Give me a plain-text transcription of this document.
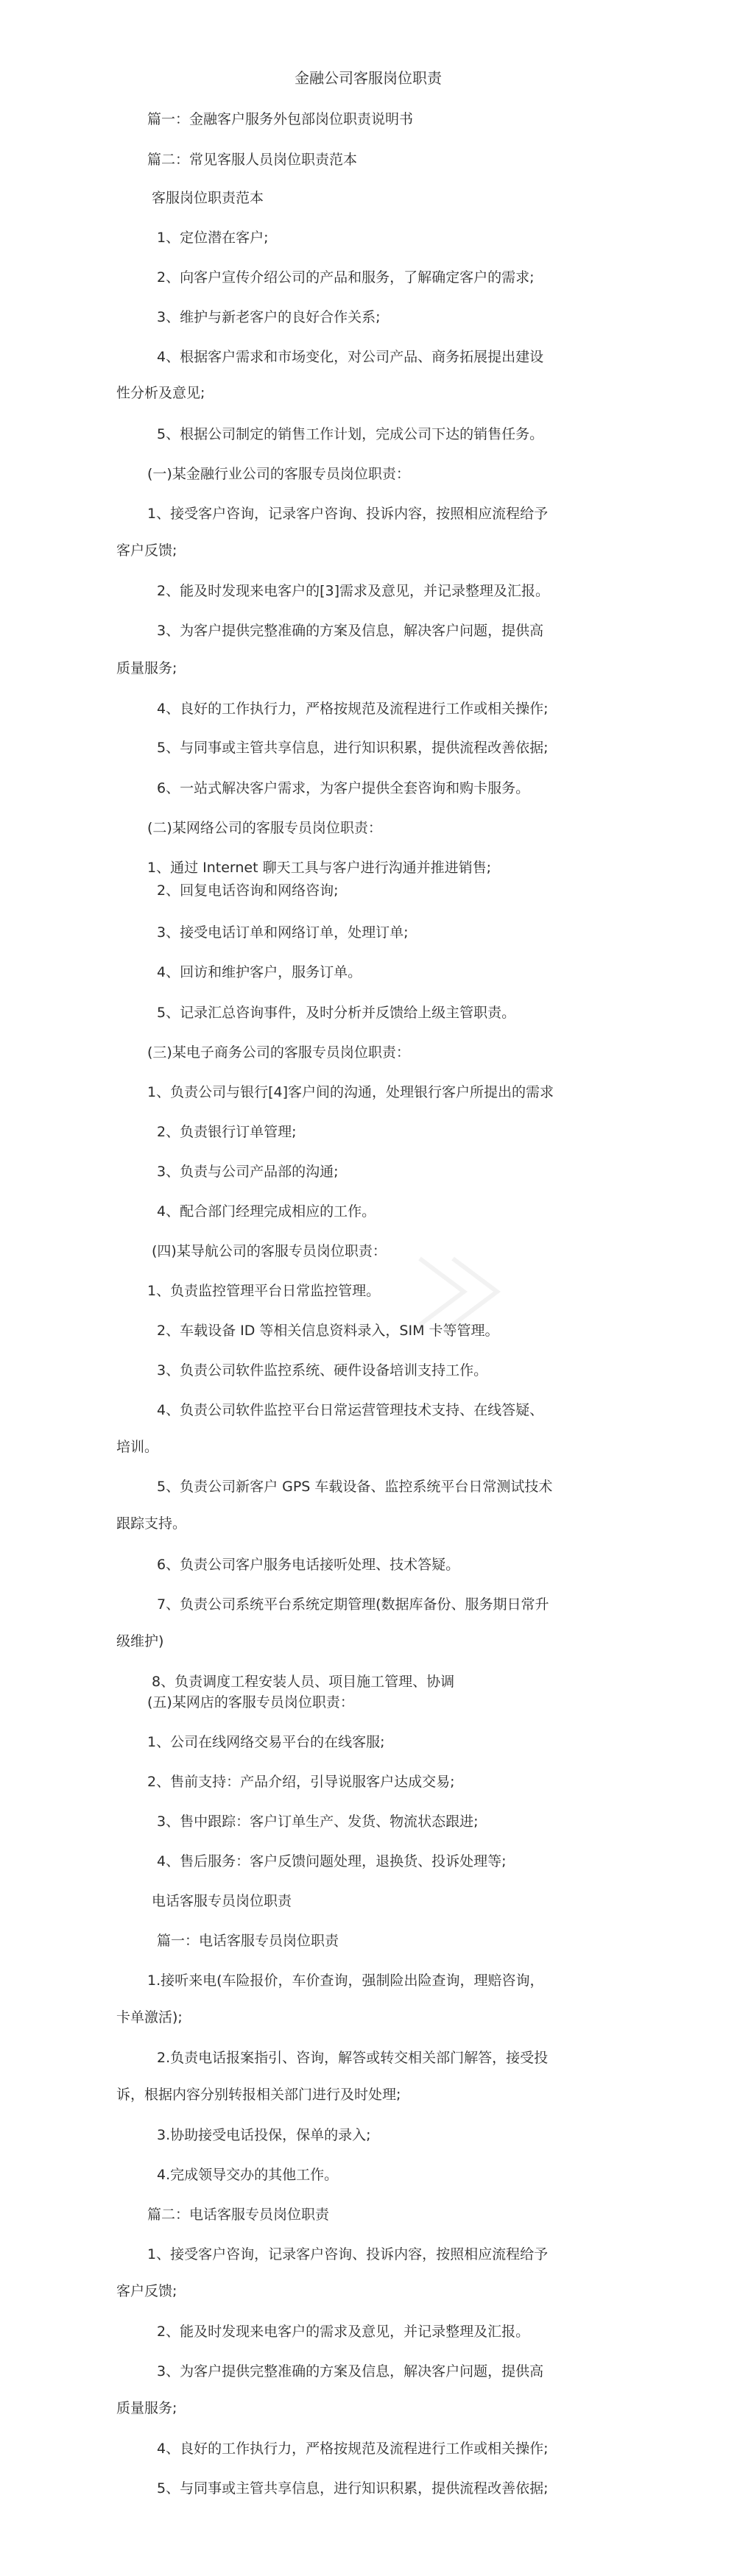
金融公司客服岗位职责

篇一：金融客户服务外包部岗位职责说明书

篇二：常见客服人员岗位职责范本

客服岗位职责范本

1、定位潜在客户;

2、向客户宣传介绍公司的产品和服务，了解确定客户的需求;

3、维护与新老客户的良好合作关系;

4、根据客户需求和市场变化，对公司产品、商务拓展提出建设

性分析及意见;

5、根据公司制定的销售工作计划，完成公司下达的销售任务。

(一)某金融行业公司的客服专员岗位职责：

1、接受客户咨询，记录客户咨询、投诉内容，按照相应流程给予

客户反馈;

2、能及时发现来电客户的[3]需求及意见，并记录整理及汇报。

3、为客户提供完整准确的方案及信息，解决客户问题，提供高

质量服务;

4、良好的工作执行力，严格按规范及流程进行工作或相关操作;

5、与同事或主管共享信息，进行知识积累，提供流程改善依据;

6、一站式解决客户需求，为客户提供全套咨询和购卡服务。

(二)某网络公司的客服专员岗位职责：

1、通过 Internet 聊天工具与客户进行沟通并推进销售;

2、回复电话咨询和网络咨询;

3、接受电话订单和网络订单，处理订单;

4、回访和维护客户，服务订单。

5、记录汇总咨询事件，及时分析并反馈给上级主管职责。

(三)某电子商务公司的客服专员岗位职责：

1、负责公司与银行[4]客户间的沟通，处理银行客户所提出的需求

2、负责银行订单管理;

3、负责与公司产品部的沟通;

4、配合部门经理完成相应的工作。

(四)某导航公司的客服专员岗位职责：

1、负责监控管理平台日常监控管理。

2、车载设备 ID 等相关信息资料录入，SIM 卡等管理。

3、负责公司软件监控系统、硬件设备培训支持工作。

4、负责公司软件监控平台日常运营管理技术支持、在线答疑、

培训。

5、负责公司新客户 GPS 车载设备、监控系统平台日常测试技术

跟踪支持。

6、负责公司客户服务电话接听处理、技术答疑。

7、负责公司系统平台系统定期管理(数据库备份、服务期日常升

级维护)

8、负责调度工程安装人员、项目施工管理、协调

(五)某网店的客服专员岗位职责：

1、公司在线网络交易平台的在线客服;

2、售前支持：产品介绍，引导说服客户达成交易;

3、售中跟踪：客户订单生产、发货、物流状态跟进;

4、售后服务：客户反馈问题处理，退换货、投诉处理等;

电话客服专员岗位职责

篇一：电话客服专员岗位职责

1.接听来电(车险报价，车价查询，强制险出险查询，理赔咨询，

卡单激活);

2.负责电话报案指引、咨询，解答或转交相关部门解答，接受投

诉，根据内容分别转报相关部门进行及时处理;

3.协助接受电话投保，保单的录入;

4.完成领导交办的其他工作。

篇二：电话客服专员岗位职责

1、接受客户咨询，记录客户咨询、投诉内容，按照相应流程给予

客户反馈;

2、能及时发现来电客户的需求及意见，并记录整理及汇报。

3、为客户提供完整准确的方案及信息，解决客户问题，提供高

质量服务;

4、良好的工作执行力，严格按规范及流程进行工作或相关操作;

5、与同事或主管共享信息，进行知识积累，提供流程改善依据;
